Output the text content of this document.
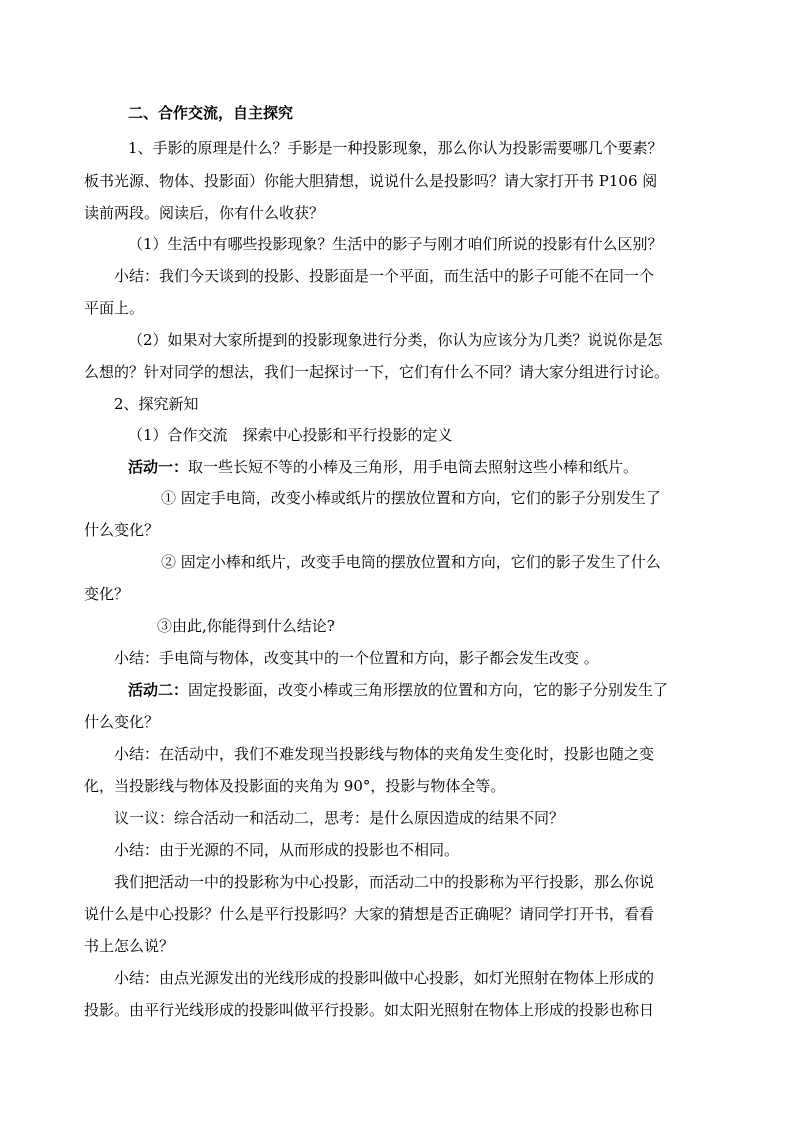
二、合作交流，自主探究
1、手影的原理是什么？手影是一种投影现象，那么你认为投影需要哪几个要素？
板书光源、物体、投影面）你能大胆猜想，说说什么是投影吗？请大家打开书 P106 阅
读前两段。阅读后，你有什么收获？
（1）生活中有哪些投影现象？生活中的影子与刚才咱们所说的投影有什么区别？
小结：我们今天谈到的投影、投影面是一个平面，而生活中的影子可能不在同一个
平面上。
（2）如果对大家所提到的投影现象进行分类，你认为应该分为几类？说说你是怎
么想的？针对同学的想法，我们一起探讨一下，它们有什么不同？请大家分组进行讨论。
2、探究新知
（1）合作交流　探索中心投影和平行投影的定义
活动一：取一些长短不等的小棒及三角形，用手电筒去照射这些小棒和纸片。
① 固定手电筒，改变小棒或纸片的摆放位置和方向，它们的影子分别发生了
什么变化？
② 固定小棒和纸片，改变手电筒的摆放位置和方向，它们的影子发生了什么
变化？
③由此,你能得到什么结论?
小结：手电筒与物体，改变其中的一个位置和方向，影子都会发生改变 。
活动二：固定投影面，改变小棒或三角形摆放的位置和方向，它的影子分别发生了
什么变化？
小结：在活动中，我们不难发现当投影线与物体的夹角发生变化时，投影也随之变
化，当投影线与物体及投影面的夹角为 90°，投影与物体全等。
议一议：综合活动一和活动二，思考：是什么原因造成的结果不同？
小结：由于光源的不同，从而形成的投影也不相同。
我们把活动一中的投影称为中心投影，而活动二中的投影称为平行投影，那么你说
说什么是中心投影？什么是平行投影吗？大家的猜想是否正确呢？请同学打开书，看看
书上怎么说？
小结：由点光源发出的光线形成的投影叫做中心投影，如灯光照射在物体上形成的
投影。由平行光线形成的投影叫做平行投影。如太阳光照射在物体上形成的投影也称日
